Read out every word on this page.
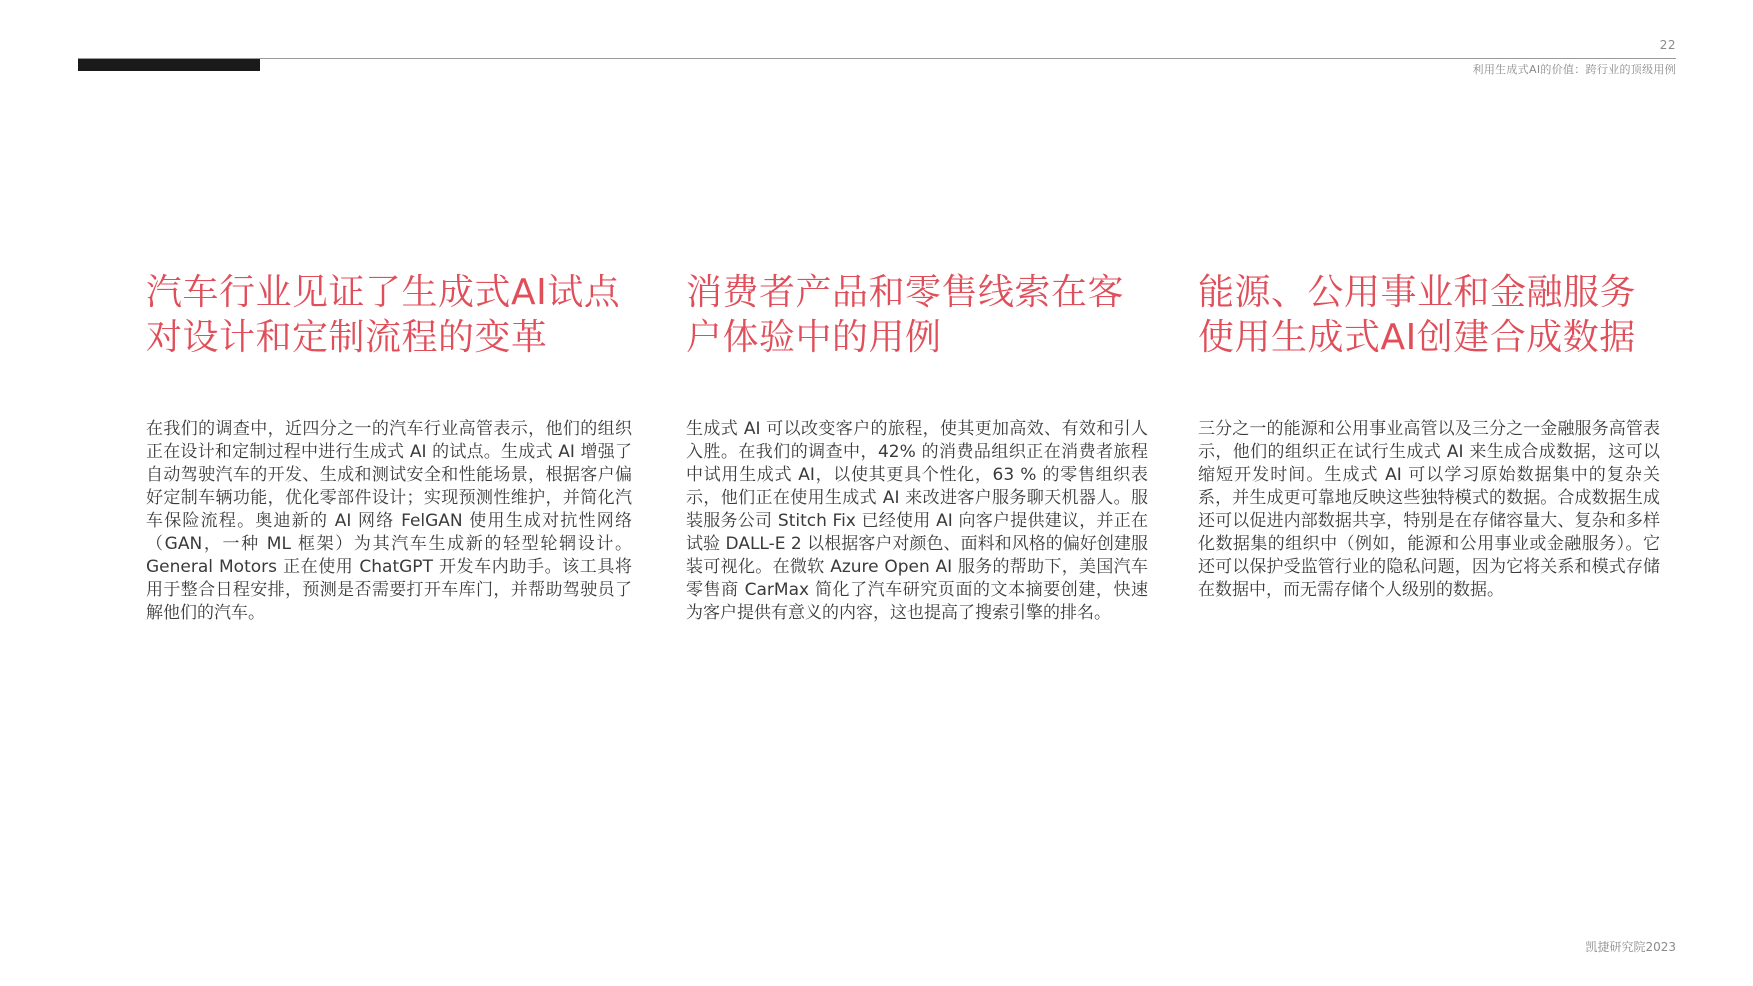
22
利用生成式AI的价值：跨行业的顶级用例
汽车行业见证了生成式AI试点对设计和定制流程的变革

在我们的调查中，近四分之一的汽车行业高管表示，他们的组织正在设计和定制过程中进行生成式 AI 的试点。生成式 AI 增强了自动驾驶汽车的开发、生成和测试安全和性能场景，根据客户偏好定制车辆功能，优化零部件设计；实现预测性维护，并简化汽车保险流程。奥迪新的 AI 网络 FelGAN 使用生成对抗性网络（GAN，一种 ML 框架）为其汽车生成新的轻型轮辋设计。General Motors 正在使用 ChatGPT 开发车内助手。该工具将用于整合日程安排，预测是否需要打开车库门，并帮助驾驶员了解他们的汽车。

消费者产品和零售线索在客户体验中的用例

生成式 AI 可以改变客户的旅程，使其更加高效、有效和引人入胜。在我们的调查中，42% 的消费品组织正在消费者旅程中试用生成式 AI，以使其更具个性化，63 % 的零售组织表示，他们正在使用生成式 AI 来改进客户服务聊天机器人。服装服务公司 Stitch Fix 已经使用 AI 向客户提供建议，并正在试验 DALL-E 2 以根据客户对颜色、面料和风格的偏好创建服装可视化。在微软 Azure Open AI 服务的帮助下，美国汽车零售商 CarMax 简化了汽车研究页面的文本摘要创建，快速为客户提供有意义的内容，这也提高了搜索引擎的排名。

能源、公用事业和金融服务使用生成式AI创建合成数据

三分之一的能源和公用事业高管以及三分之一金融服务高管表示，他们的组织正在试行生成式 AI 来生成合成数据，这可以缩短开发时间。生成式 AI 可以学习原始数据集中的复杂关系，并生成更可靠地反映这些独特模式的数据。合成数据生成还可以促进内部数据共享，特别是在存储容量大、复杂和多样化数据集的组织中（例如，能源和公用事业或金融服务）。它还可以保护受监管行业的隐私问题，因为它将关系和模式存储在数据中，而无需存储个人级别的数据。

凯捷研究院2023
